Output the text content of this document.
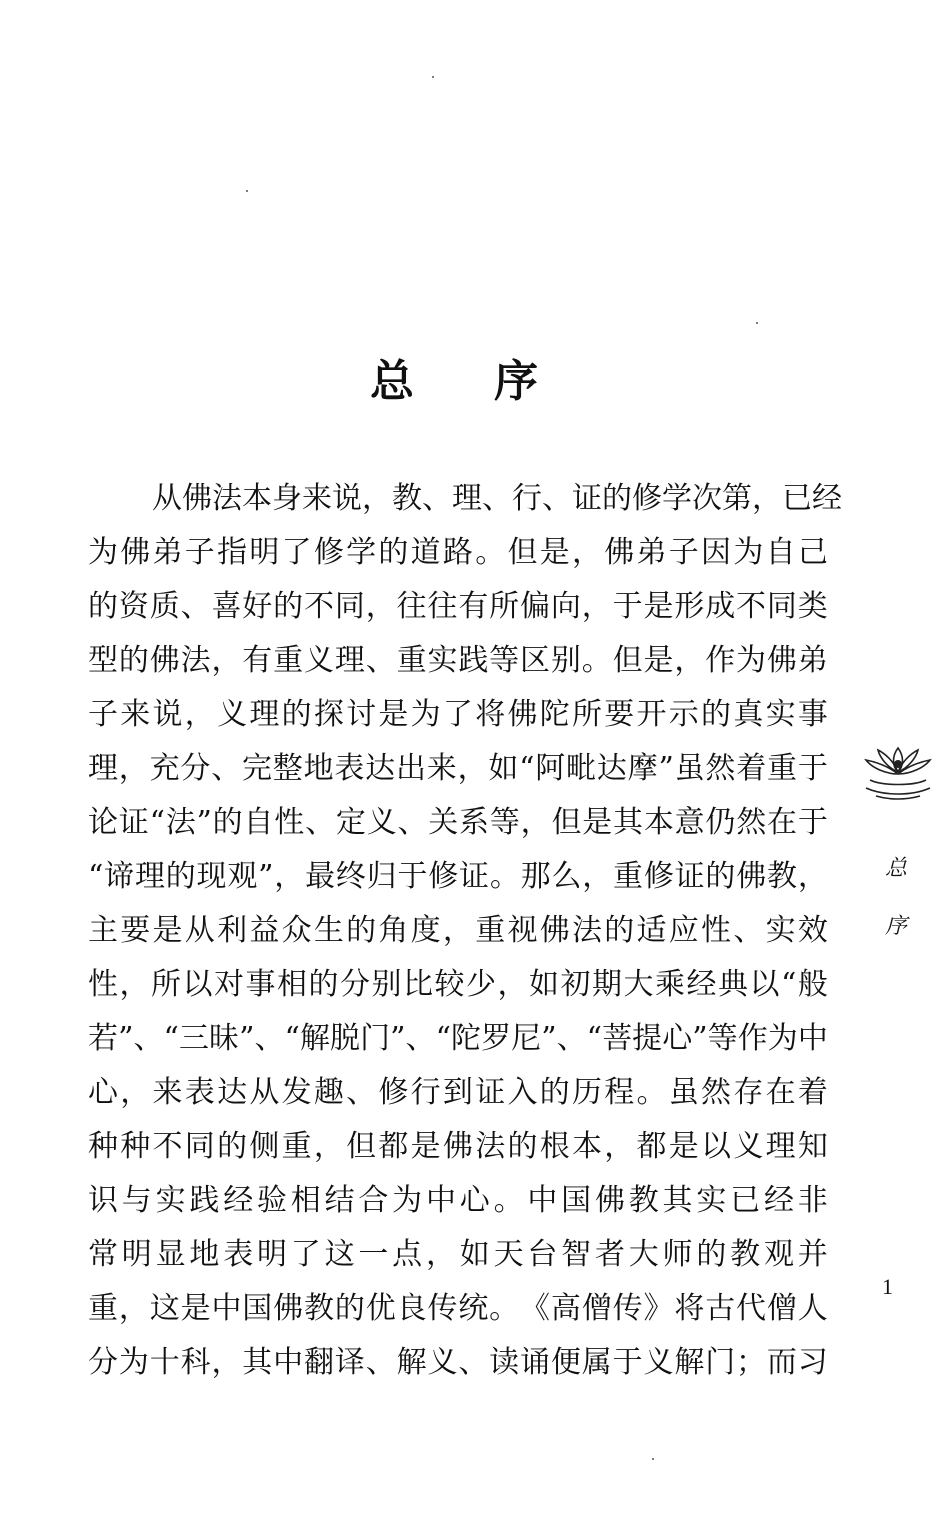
总 序
从 佛 法 本 身 来 说 ， 教 、 理 、 行 、 证 的 修 学 次 第 ， 已 经
为 佛 弟 子 指 明 了 修 学 的 道 路 。 但 是 ， 佛 弟 子 因 为 自 己
的 资 质 、 喜 好 的 不 同 ， 往 往 有 所 偏 向 ， 于 是 形 成 不 同 类
型 的 佛 法 ， 有 重 义 理 、 重 实 践 等 区 别 。 但 是 ， 作 为 佛 弟
子 来 说 ， 义 理 的 探 讨 是 为 了 将 佛 陀 所 要 开 示 的 真 实 事
理 ， 充 分 、 完 整 地 表 达 出 来 ， 如 “ 阿 毗 达 摩 ” 虽 然 着 重 于
论 证 “ 法 ” 的 自 性 、 定 义 、 关 系 等 ， 但 是 其 本 意 仍 然 在 于
“ 谛 理 的 现 观 ” ， 最 终 归 于 修 证 。 那 么 ， 重 修 证 的 佛 教 ，
主 要 是 从 利 益 众 生 的 角 度 ， 重 视 佛 法 的 适 应 性 、 实 效
性 ， 所 以 对 事 相 的 分 别 比 较 少 ， 如 初 期 大 乘 经 典 以 “ 般
若 ” 、 “ 三 昧 ” 、 “ 解 脱 门 ” 、 “ 陀 罗 尼 ” 、 “ 菩 提 心 ” 等 作 为 中
心 ， 来 表 达 从 发 趣 、 修 行 到 证 入 的 历 程 。 虽 然 存 在 着
种 种 不 同 的 侧 重 ， 但 都 是 佛 法 的 根 本 ， 都 是 以 义 理 知
识 与 实 践 经 验 相 结 合 为 中 心 。 中 国 佛 教 其 实 已 经 非
常 明 显 地 表 明 了 这 一 点 ， 如 天 台 智 者 大 师 的 教 观 并
重 ， 这 是 中 国 佛 教 的 优 良 传 统 。 《 高 僧 传 》 将 古 代 僧 人
分 为 十 科 ， 其 中 翻 译 、 解 义 、 读 诵 便 属 于 义 解 门 ； 而 习
总
序
1
